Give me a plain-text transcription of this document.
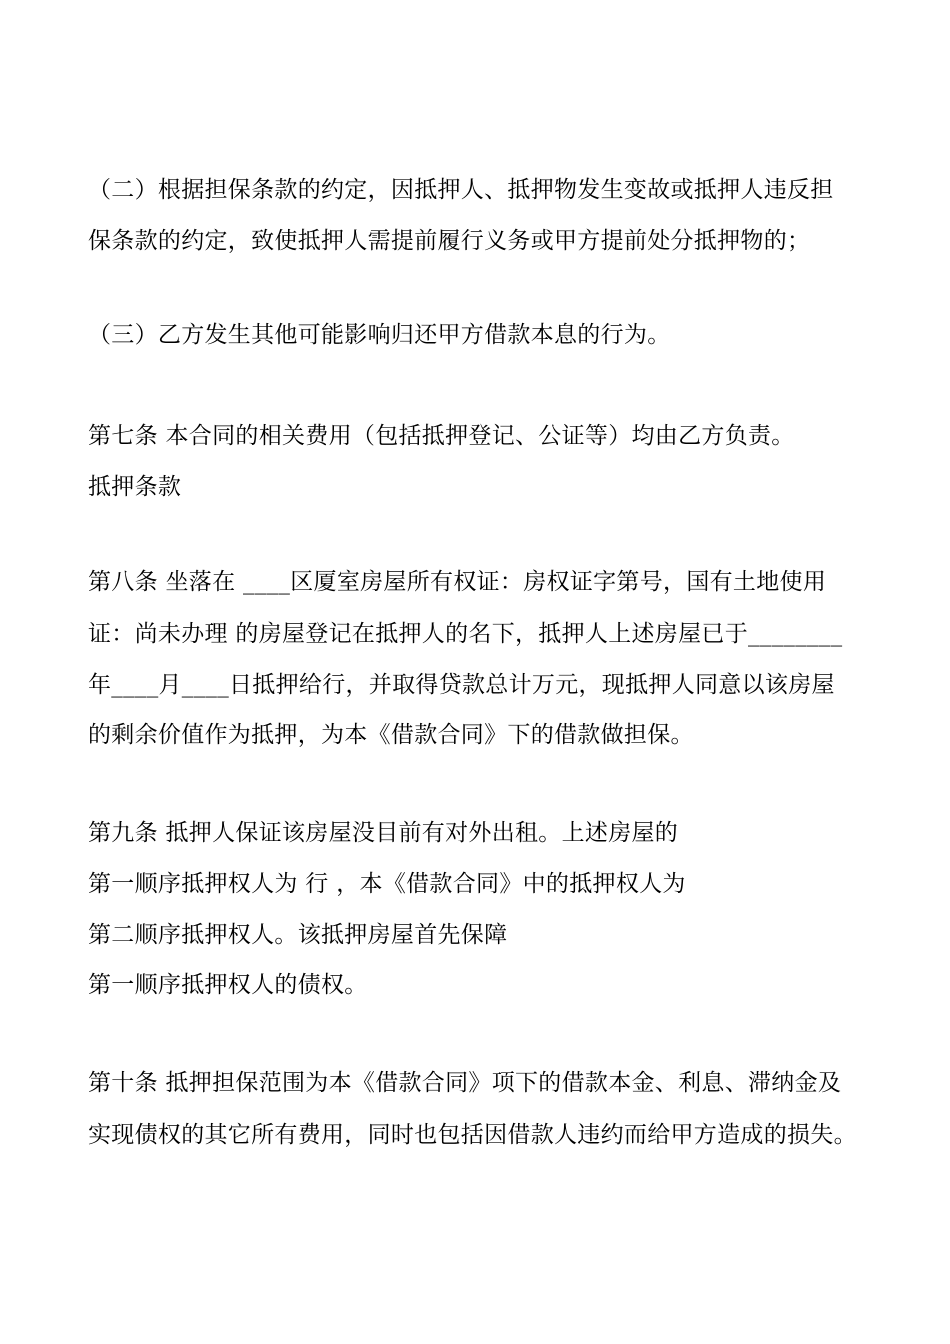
（二）根据担保条款的约定，因抵押人、抵押物发生变故或抵押人违反担
保条款的约定，致使抵押人需提前履行义务或甲方提前处分抵押物的；
（三）乙方发生其他可能影响归还甲方借款本息的行为。
第七条 本合同的相关费用（包括抵押登记、公证等）均由乙方负责。
抵押条款
第八条 坐落在 ____区厦室房屋所有权证：房权证字第号，国有土地使用
证：尚未办理 的房屋登记在抵押人的名下，抵押人上述房屋已于________
年____月____日抵押给行，并取得贷款总计万元，现抵押人同意以该房屋
的剩余价值作为抵押，为本《借款合同》下的借款做担保。
第九条 抵押人保证该房屋没目前有对外出租。上述房屋的
第一顺序抵押权人为 行 ，本《借款合同》中的抵押权人为
第二顺序抵押权人。该抵押房屋首先保障
第一顺序抵押权人的债权。
第十条 抵押担保范围为本《借款合同》项下的借款本金、利息、滞纳金及
实现债权的其它所有费用，同时也包括因借款人违约而给甲方造成的损失。
